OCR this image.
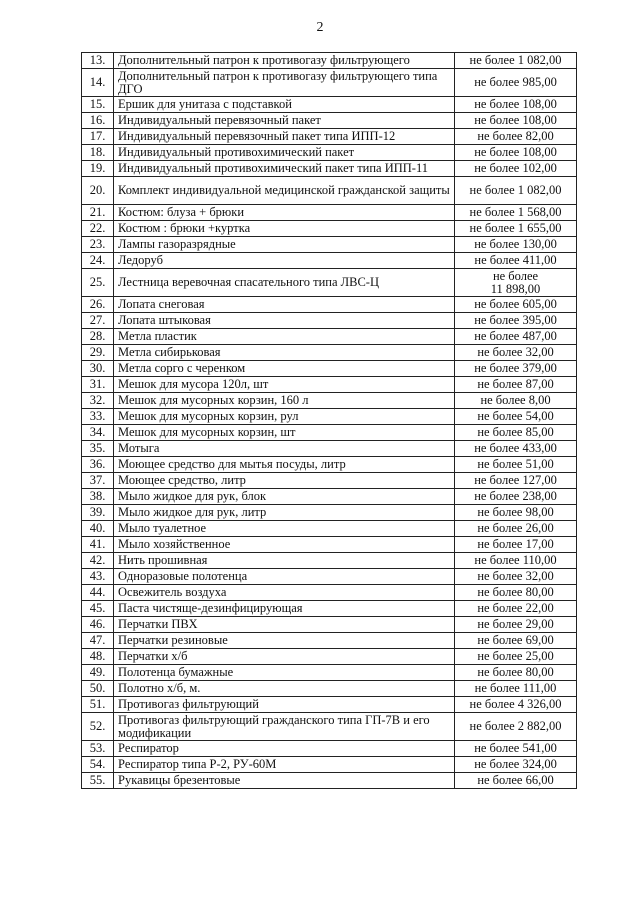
2
13.	Дополнительный патрон к противогазу фильтрующего	не более 1 082,00
14.	Дополнительный патрон к противогазу фильтрующего типа ДГО	не более 985,00
15.	Ершик для унитаза с подставкой	не более 108,00
16.	Индивидуальный перевязочный пакет	не более 108,00
17.	Индивидуальный перевязочный пакет типа ИПП-12	не более 82,00
18.	Индивидуальный противохимический пакет	не более 108,00
19.	Индивидуальный противохимический пакет типа ИПП-11	не более 102,00
20.	Комплект индивидуальной медицинской гражданской защиты	не более 1 082,00
21.	Костюм: блуза + брюки	не более 1 568,00
22.	Костюм : брюки +куртка	не более 1 655,00
23.	Лампы газоразрядные	не более 130,00
24.	Ледоруб	не более 411,00
25.	Лестница веревочная спасательного типа ЛВС-Ц	не более
11 898,00
26.	Лопата снеговая	не более 605,00
27.	Лопата штыковая	не более 395,00
28.	Метла пластик	не более 487,00
29.	Метла сибирьковая	не более 32,00
30.	Метла сорго с черенком	не более 379,00
31.	Мешок для мусора 120л, шт	не более 87,00
32.	Мешок для мусорных корзин, 160 л	не более 8,00
33.	Мешок для мусорных корзин, рул	не более 54,00
34.	Мешок для мусорных корзин, шт	не более 85,00
35.	Мотыга	не более 433,00
36.	Моющее средство для мытья посуды, литр	не более 51,00
37.	Моющее средство, литр	не более 127,00
38.	Мыло жидкое для рук, блок	не более 238,00
39.	Мыло жидкое для рук, литр	не более 98,00
40.	Мыло туалетное	не более 26,00
41.	Мыло хозяйственное	не более 17,00
42.	Нить прошивная	не более 110,00
43.	Одноразовые полотенца	не более 32,00
44.	Освежитель воздуха	не более 80,00
45.	Паста чистяще-дезинфицирующая	не более 22,00
46.	Перчатки ПВХ	не более 29,00
47.	Перчатки резиновые	не более 69,00
48.	Перчатки х/б	не более 25,00
49.	Полотенца бумажные	не более 80,00
50.	Полотно х/б, м.	не более 111,00
51.	Противогаз фильтрующий	не более 4 326,00
52.	Противогаз фильтрующий гражданского типа ГП-7В и его модификации	не более 2 882,00
53.	Респиратор	не более 541,00
54.	Респиратор типа Р-2, РУ-60М	не более 324,00
55.	Рукавицы брезентовые	не более 66,00
